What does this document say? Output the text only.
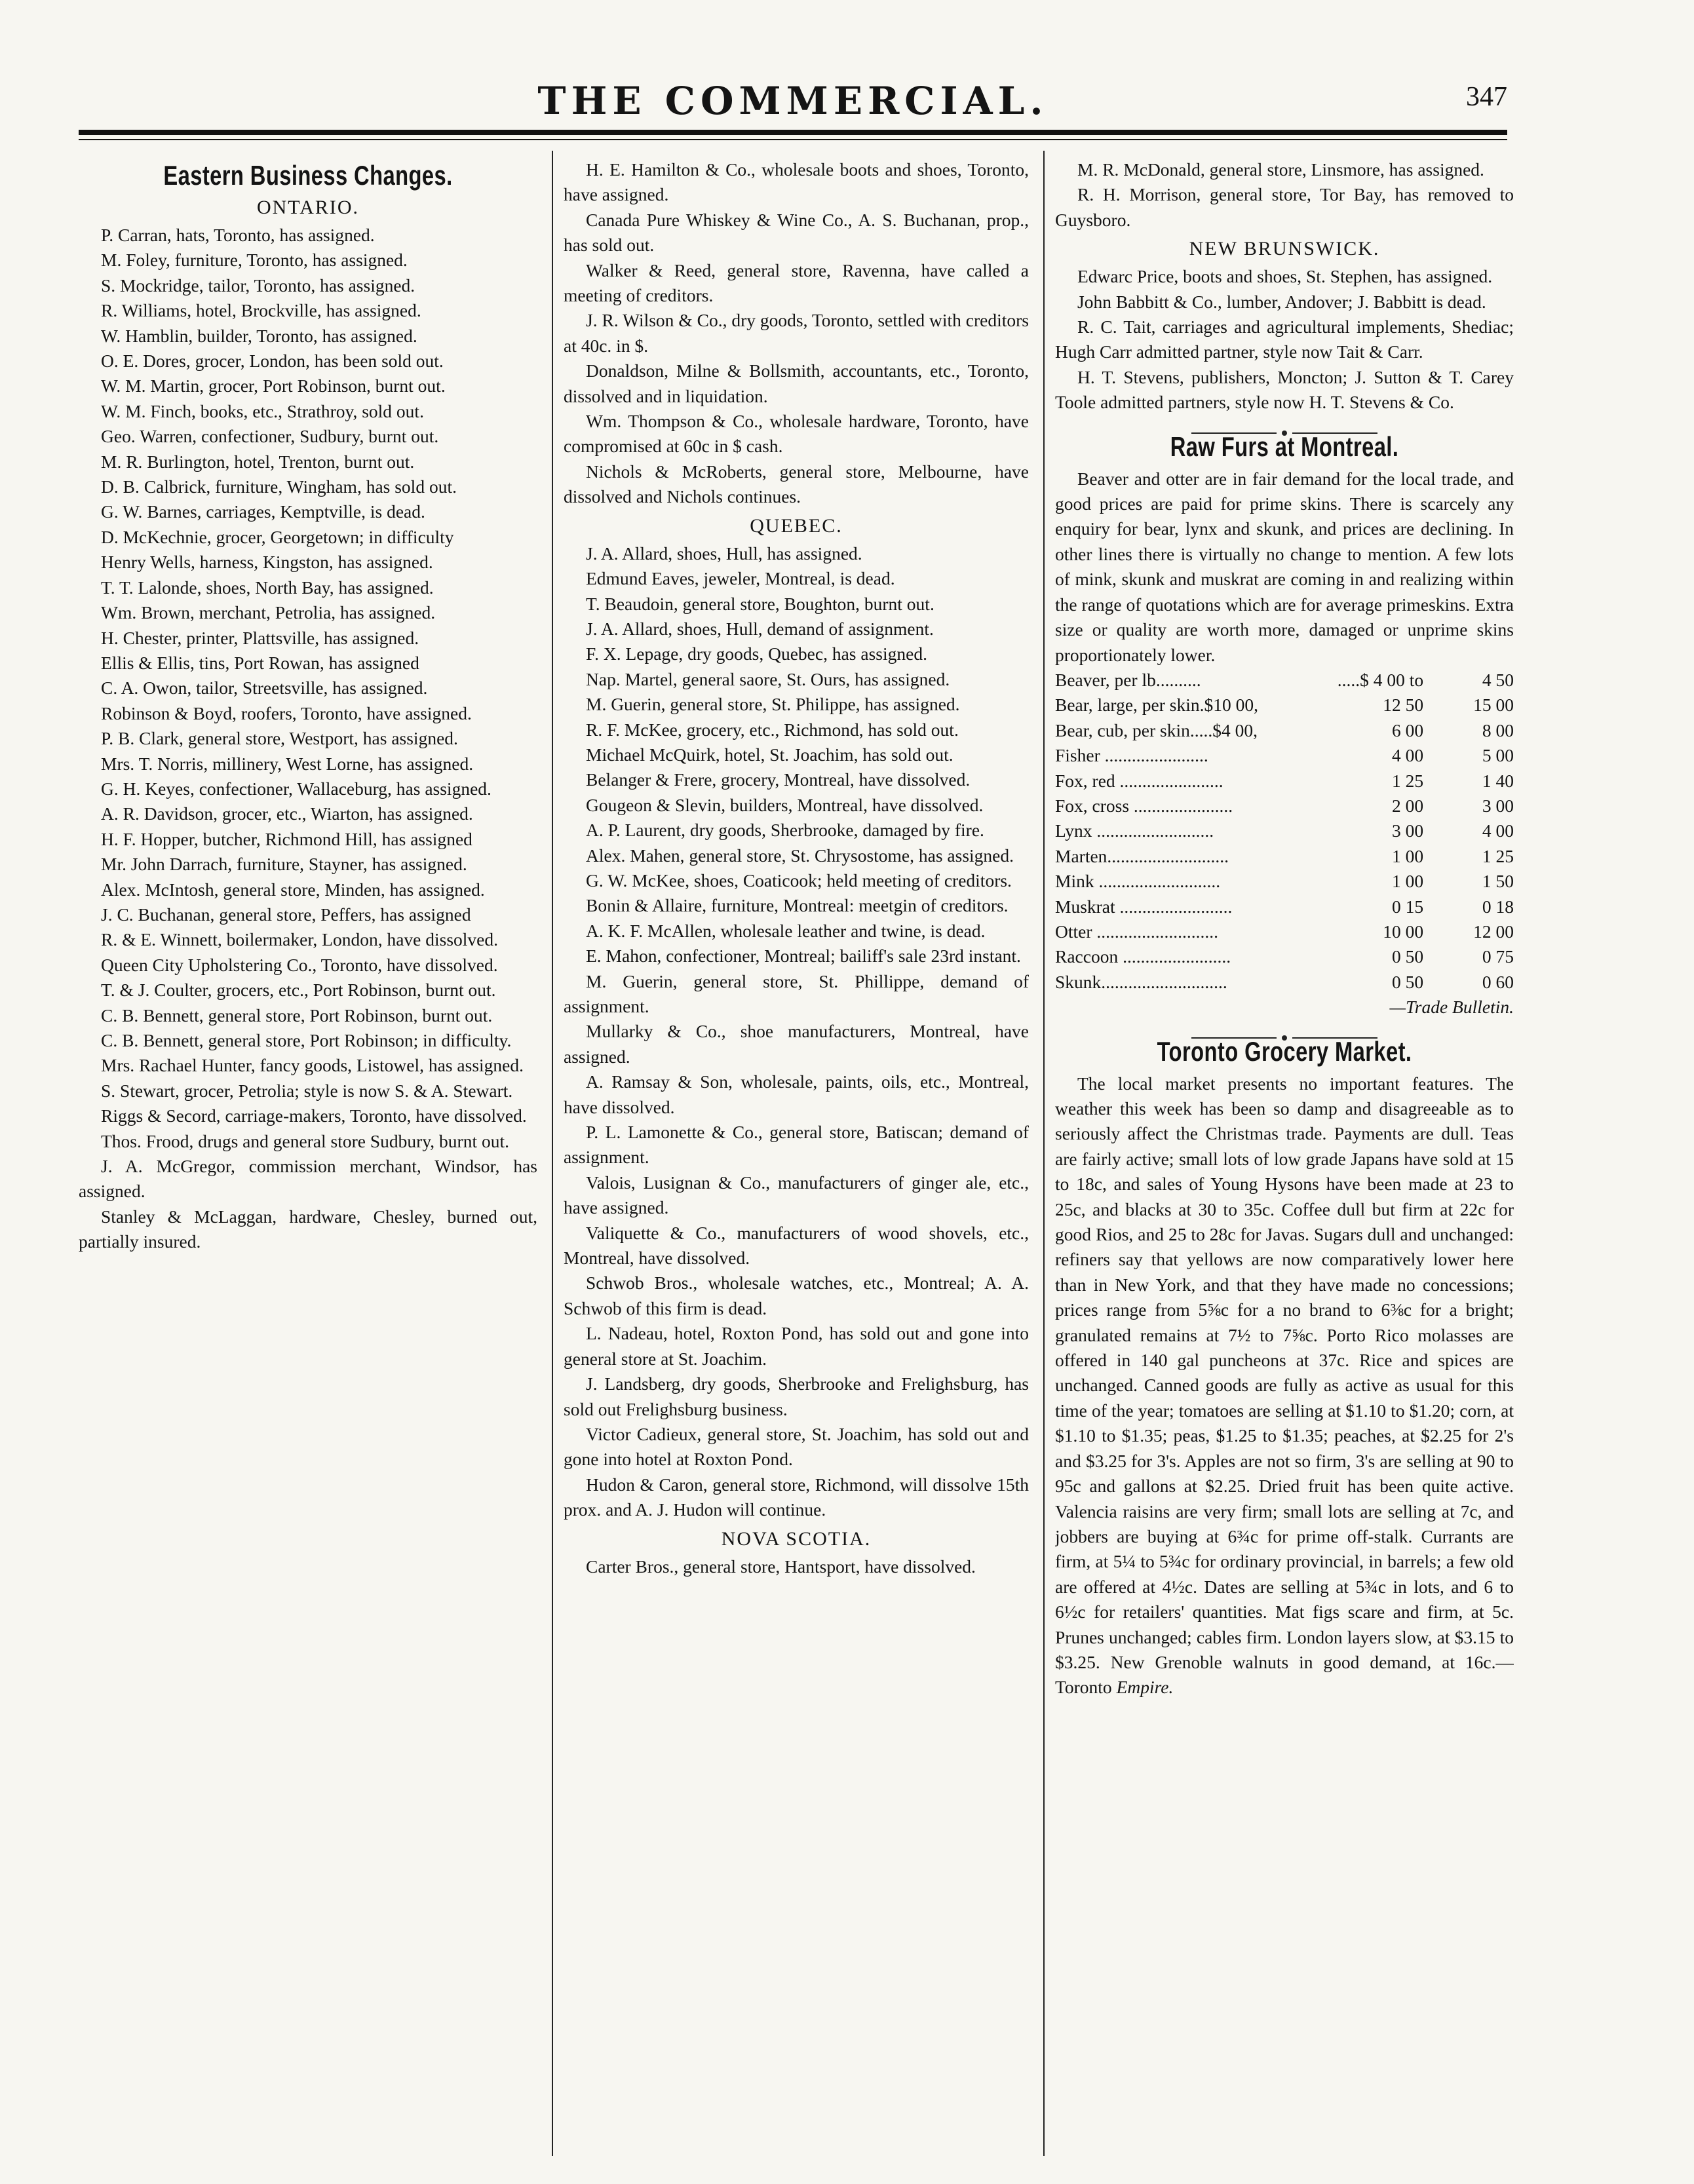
THE COMMERCIAL.	347
Eastern Business Changes.
ONTARIO.

P. Carran, hats, Toronto, has assigned.

M. Foley, furniture, Toronto, has assigned.

S. Mockridge, tailor, Toronto, has assigned.

R. Williams, hotel, Brockville, has assigned.

W. Hamblin, builder, Toronto, has assigned.

O. E. Dores, grocer, London, has been sold out.

W. M. Martin, grocer, Port Robinson, burnt out.

W. M. Finch, books, etc., Strathroy, sold out.

Geo. Warren, confectioner, Sudbury, burnt out.

M. R. Burlington, hotel, Trenton, burnt out.

D. B. Calbrick, furniture, Wingham, has sold out.

G. W. Barnes, carriages, Kemptville, is dead.

D. McKechnie, grocer, Georgetown; in difficulty

Henry Wells, harness, Kingston, has assigned.

T. T. Lalonde, shoes, North Bay, has assigned.

Wm. Brown, merchant, Petrolia, has assigned.

H. Chester, printer, Plattsville, has assigned.

Ellis & Ellis, tins, Port Rowan, has assigned

C. A. Owon, tailor, Streetsville, has assigned.

Robinson & Boyd, roofers, Toronto, have assigned.

P. B. Clark, general store, Westport, has assigned.

Mrs. T. Norris, millinery, West Lorne, has assigned.

G. H. Keyes, confectioner, Wallaceburg, has assigned.

A. R. Davidson, grocer, etc., Wiarton, has assigned.

H. F. Hopper, butcher, Richmond Hill, has assigned

Mr. John Darrach, furniture, Stayner, has assigned.

Alex. McIntosh, general store, Minden, has assigned.

J. C. Buchanan, general store, Peffers, has assigned

R. & E. Winnett, boilermaker, London, have dissolved.

Queen City Upholstering Co., Toronto, have dissolved.

T. & J. Coulter, grocers, etc., Port Robinson, burnt out.

C. B. Bennett, general store, Port Robinson, burnt out.

C. B. Bennett, general store, Port Robinson; in difficulty.

Mrs. Rachael Hunter, fancy goods, Listowel, has assigned.

S. Stewart, grocer, Petrolia; style is now S. & A. Stewart.

Riggs & Secord, carriage-makers, Toronto, have dissolved.

Thos. Frood, drugs and general store Sudbury, burnt out.

J. A. McGregor, commission merchant, Windsor, has assigned.

Stanley & McLaggan, hardware, Chesley, burned out, partially insured.

H. E. Hamilton & Co., wholesale boots and shoes, Toronto, have assigned.

Canada Pure Whiskey & Wine Co., A. S. Buchanan, prop., has sold out.

Walker & Reed, general store, Ravenna, have called a meeting of creditors.

J. R. Wilson & Co., dry goods, Toronto, settled with creditors at 40c. in $.

Donaldson, Milne & Bollsmith, accountants, etc., Toronto, dissolved and in liquidation.

Wm. Thompson & Co., wholesale hardware, Toronto, have compromised at 60c in $ cash.

Nichols & McRoberts, general store, Melbourne, have dissolved and Nichols continues.

QUEBEC.

J. A. Allard, shoes, Hull, has assigned.

Edmund Eaves, jeweler, Montreal, is dead.

T. Beaudoin, general store, Boughton, burnt out.

J. A. Allard, shoes, Hull, demand of assignment.

F. X. Lepage, dry goods, Quebec, has assigned.

Nap. Martel, general saore, St. Ours, has assigned.

M. Guerin, general store, St. Philippe, has assigned.

R. F. McKee, grocery, etc., Richmond, has sold out.

Michael McQuirk, hotel, St. Joachim, has sold out.

Belanger & Frere, grocery, Montreal, have dissolved.

Gougeon & Slevin, builders, Montreal, have dissolved.

A. P. Laurent, dry goods, Sherbrooke, damaged by fire.

Alex. Mahen, general store, St. Chrysostome, has assigned.

G. W. McKee, shoes, Coaticook; held meeting of creditors.

Bonin & Allaire, furniture, Montreal: meetgin of creditors.

A. K. F. McAllen, wholesale leather and twine, is dead.

E. Mahon, confectioner, Montreal; bailiff's sale 23rd instant.

M. Guerin, general store, St. Phillippe, demand of assignment.

Mullarky & Co., shoe manufacturers, Montreal, have assigned.

A. Ramsay & Son, wholesale, paints, oils, etc., Montreal, have dissolved.

P. L. Lamonette & Co., general store, Batiscan; demand of assignment.

Valois, Lusignan & Co., manufacturers of ginger ale, etc., have assigned.

Valiquette & Co., manufacturers of wood shovels, etc., Montreal, have dissolved.

Schwob Bros., wholesale watches, etc., Montreal; A. A. Schwob of this firm is dead.

L. Nadeau, hotel, Roxton Pond, has sold out and gone into general store at St. Joachim.

J. Landsberg, dry goods, Sherbrooke and Frelighsburg, has sold out Frelighsburg business.

Victor Cadieux, general store, St. Joachim, has sold out and gone into hotel at Roxton Pond.

Hudon & Caron, general store, Richmond, will dissolve 15th prox. and A. J. Hudon will continue.

NOVA SCOTIA.

Carter Bros., general store, Hantsport, have dissolved.

M. R. McDonald, general store, Linsmore, has assigned.

R. H. Morrison, general store, Tor Bay, has removed to Guysboro.

NEW BRUNSWICK.

Edwarc Price, boots and shoes, St. Stephen, has assigned.

John Babbitt & Co., lumber, Andover; J. Babbitt is dead.

R. C. Tait, carriages and agricultural implements, Shediac; Hugh Carr admitted partner, style now Tait & Carr.

H. T. Stevens, publishers, Moncton; J. Sutton & T. Carey Toole admitted partners, style now H. T. Stevens & Co.

Raw Furs at Montreal.

Beaver and otter are in fair demand for the local trade, and good prices are paid for prime skins. There is scarcely any enquiry for bear, lynx and skunk, and prices are declining. In other lines there is virtually no change to mention. A few lots of mink, skunk and muskrat are coming in and realizing within the range of quotations which are for average primeskins. Extra size or quality are worth more, damaged or unprime skins proportionately lower.

Beaver, per lb..........	.....$ 4 00 to	4 50
Bear, large, per skin.$10 00,	12 50	15 00
Bear, cub, per skin.....$4 00,	6 00	8 00
Fisher .......................	4 00	5 00
Fox, red .......................	1 25	1 40
Fox, cross ......................	2 00	3 00
Lynx ..........................	3 00	4 00
Marten...........................	1 00	1 25
Mink ...........................	1 00	1 50
Muskrat .........................	0 15	0 18
Otter ...........................	10 00	12 00
Raccoon ........................	0 50	0 75
Skunk............................	0 50	0 60
—Trade Bulletin.
Toronto Grocery Market.

The local market presents no important features. The weather this week has been so damp and disagreeable as to seriously affect the Christmas trade. Payments are dull. Teas are fairly active; small lots of low grade Japans have sold at 15 to 18c, and sales of Young Hysons have been made at 23 to 25c, and blacks at 30 to 35c. Coffee dull but firm at 22c for good Rios, and 25 to 28c for Javas. Sugars dull and unchanged: refiners say that yellows are now comparatively lower here than in New York, and that they have made no concessions; prices range from 5⅝c for a no brand to 6⅜c for a bright; granulated remains at 7½ to 7⅝c. Porto Rico molasses are offered in 140 gal puncheons at 37c. Rice and spices are unchanged. Canned goods are fully as active as usual for this time of the year; tomatoes are selling at $1.10 to $1.20; corn, at $1.10 to $1.35; peas, $1.25 to $1.35; peaches, at $2.25 for 2's and $3.25 for 3's. Apples are not so firm, 3's are selling at 90 to 95c and gallons at $2.25. Dried fruit has been quite active. Valencia raisins are very firm; small lots are selling at 7c, and jobbers are buying at 6¾c for prime off-stalk. Currants are firm, at 5¼ to 5¾c for ordinary provincial, in barrels; a few old are offered at 4½c. Dates are selling at 5¾c in lots, and 6 to 6½c for retailers' quantities. Mat figs scare and firm, at 5c. Prunes unchanged; cables firm. London layers slow, at $3.15 to $3.25. New Grenoble walnuts in good demand, at 16c.—Toronto Empire.
